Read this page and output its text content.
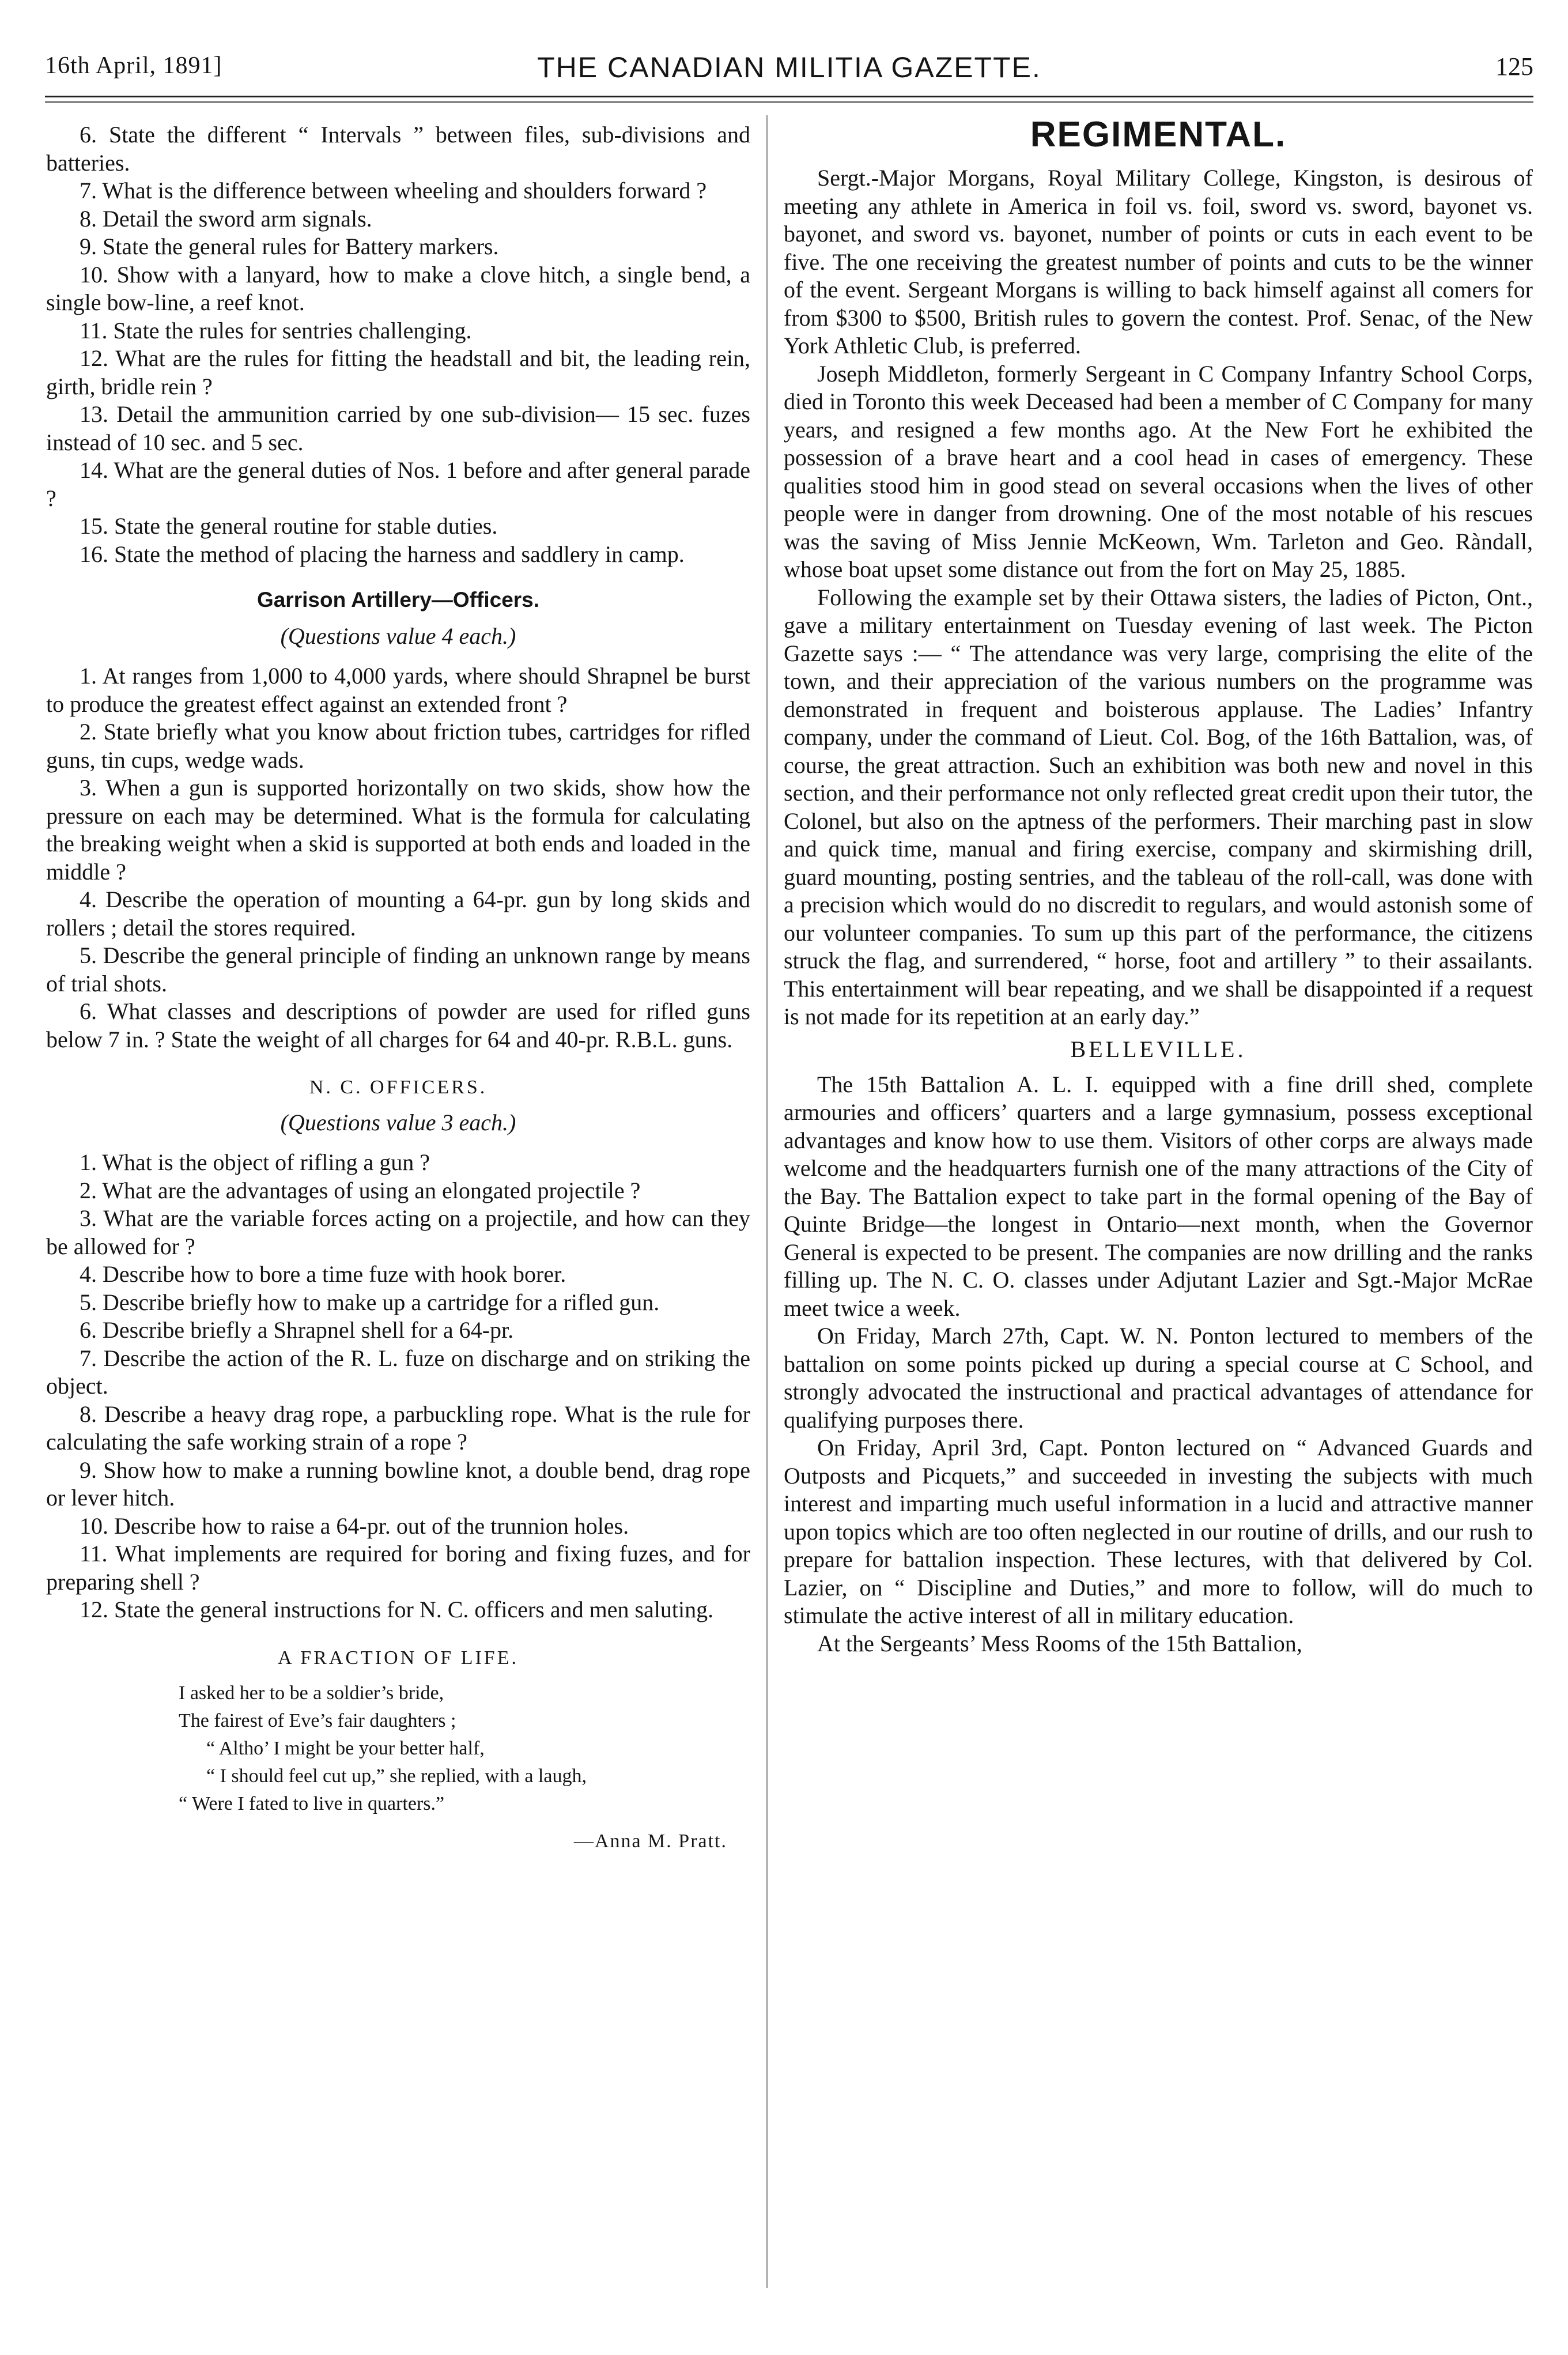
16th April, 1891]	THE CANADIAN MILITIA GAZETTE.	125
6. State the different “ Intervals ” between files, sub-divisions and batteries.
7. What is the difference between wheeling and shoulders forward ?
8. Detail the sword arm signals.
9. State the general rules for Battery markers.
10. Show with a lanyard, how to make a clove hitch, a single bend, a single bow-line, a reef knot.
11. State the rules for sentries challenging.
12. What are the rules for fitting the headstall and bit, the leading rein, girth, bridle rein ?
13. Detail the ammunition carried by one sub-division— 15 sec. fuzes instead of 10 sec. and 5 sec.
14. What are the general duties of Nos. 1 before and after general parade ?
15. State the general routine for stable duties.
16. State the method of placing the harness and saddlery in camp.
Garrison Artillery—Officers.
(Questions value 4 each.)
1. At ranges from 1,000 to 4,000 yards, where should Shrapnel be burst to produce the greatest effect against an extended front ?
2. State briefly what you know about friction tubes, cartridges for rifled guns, tin cups, wedge wads.
3. When a gun is supported horizontally on two skids, show how the pressure on each may be determined. What is the formula for calculating the breaking weight when a skid is supported at both ends and loaded in the middle ?
4. Describe the operation of mounting a 64-pr. gun by long skids and rollers ; detail the stores required.
5. Describe the general principle of finding an unknown range by means of trial shots.
6. What classes and descriptions of powder are used for rifled guns below 7 in. ? State the weight of all charges for 64 and 40-pr. R.B.L. guns.
N. C. OFFICERS.
(Questions value 3 each.)
1. What is the object of rifling a gun ?
2. What are the advantages of using an elongated projectile ?
3. What are the variable forces acting on a projectile, and how can they be allowed for ?
4. Describe how to bore a time fuze with hook borer.
5. Describe briefly how to make up a cartridge for a rifled gun.
6. Describe briefly a Shrapnel shell for a 64-pr.
7. Describe the action of the R. L. fuze on discharge and on striking the object.
8. Describe a heavy drag rope, a parbuckling rope. What is the rule for calculating the safe working strain of a rope ?
9. Show how to make a running bowline knot, a double bend, drag rope or lever hitch.
10. Describe how to raise a 64-pr. out of the trunnion holes.
11. What implements are required for boring and fixing fuzes, and for preparing shell ?
12. State the general instructions for N. C. officers and men saluting.
A FRACTION OF LIFE.
I asked her to be a soldier’s bride,
The fairest of Eve’s fair daughters ;
“ Altho’ I might be your better half,
“ I should feel cut up,” she replied, with a laugh,
“ Were I fated to live in quarters.”
—Anna M. Pratt.
REGIMENTAL.

Sergt.-Major Morgans, Royal Military College, Kingston, is desirous of meeting any athlete in America in foil vs. foil, sword vs. sword, bayonet vs. bayonet, and sword vs. bayonet, number of points or cuts in each event to be five. The one receiving the greatest number of points and cuts to be the winner of the event. Sergeant Morgans is willing to back himself against all comers for from $300 to $500, British rules to govern the contest. Prof. Senac, of the New York Athletic Club, is preferred.

Joseph Middleton, formerly Sergeant in C Company Infantry School Corps, died in Toronto this week Deceased had been a member of C Company for many years, and resigned a few months ago. At the New Fort he exhibited the possession of a brave heart and a cool head in cases of emergency. These qualities stood him in good stead on several occasions when the lives of other people were in danger from drowning. One of the most notable of his rescues was the saving of Miss Jennie McKeown, Wm. Tarleton and Geo. Ràndall, whose boat upset some distance out from the fort on May 25, 1885.

Following the example set by their Ottawa sisters, the ladies of Picton, Ont., gave a military entertainment on Tuesday evening of last week. The Picton Gazette says :— “ The attendance was very large, comprising the elite of the town, and their appreciation of the various numbers on the programme was demonstrated in frequent and boisterous applause. The Ladies’ Infantry company, under the command of Lieut. Col. Bog, of the 16th Battalion, was, of course, the great attraction. Such an exhibition was both new and novel in this section, and their performance not only reflected great credit upon their tutor, the Colonel, but also on the aptness of the performers. Their marching past in slow and quick time, manual and firing exercise, company and skirmishing drill, guard mounting, posting sentries, and the tableau of the roll-call, was done with a precision which would do no discredit to regulars, and would astonish some of our volunteer companies. To sum up this part of the performance, the citizens struck the flag, and surrendered, “ horse, foot and artillery ” to their assailants. This entertainment will bear repeating, and we shall be disappointed if a request is not made for its repetition at an early day.”

BELLEVILLE.

The 15th Battalion A. L. I. equipped with a fine drill shed, complete armouries and officers’ quarters and a large gymnasium, possess exceptional advantages and know how to use them. Visitors of other corps are always made welcome and the headquarters furnish one of the many attractions of the City of the Bay. The Battalion expect to take part in the formal opening of the Bay of Quinte Bridge—the longest in Ontario—next month, when the Governor General is expected to be present. The companies are now drilling and the ranks filling up. The N. C. O. classes under Adjutant Lazier and Sgt.-Major McRae meet twice a week.

On Friday, March 27th, Capt. W. N. Ponton lectured to members of the battalion on some points picked up during a special course at C School, and strongly advocated the instructional and practical advantages of attendance for qualifying purposes there.

On Friday, April 3rd, Capt. Ponton lectured on “ Advanced Guards and Outposts and Picquets,” and succeeded in investing the subjects with much interest and imparting much useful information in a lucid and attractive manner upon topics which are too often neglected in our routine of drills, and our rush to prepare for battalion inspection. These lectures, with that delivered by Col. Lazier, on “ Discipline and Duties,” and more to follow, will do much to stimulate the active interest of all in military education.

At the Sergeants’ Mess Rooms of the 15th Battalion,
